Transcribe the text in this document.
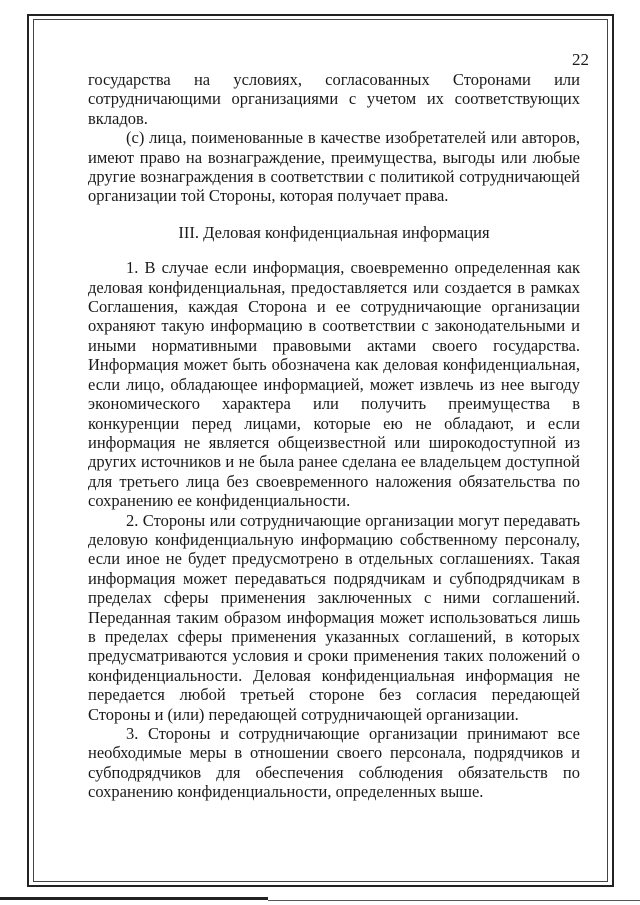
22

государства на условиях, согласованных Сторонами или сотрудничающими организациями с учетом их соответствующих вкладов.

(с) лица, поименованные в качестве изобретателей или авторов, имеют право на вознаграждение, преимущества, выгоды или любые другие вознаграждения в соответствии с политикой сотрудничающей организации той Стороны, которая получает права.

III. Деловая конфиденциальная информация

1. В случае если информация, своевременно определенная как деловая конфиденциальная, предоставляется или создается в рамках Соглашения, каждая Сторона и ее сотрудничающие организации охраняют такую информацию в соответствии с законодательными и иными нормативными правовыми актами своего государства. Информация может быть обозначена как деловая конфиденциальная, если лицо, обладающее информацией, может извлечь из нее выгоду экономического характера или получить преимущества в конкуренции перед лицами, которые ею не обладают, и если информация не является общеизвестной или широкодоступной из других источников и не была ранее сделана ее владельцем доступной для третьего лица без своевременного наложения обязательства по сохранению ее конфиденциальности.

2. Стороны или сотрудничающие организации могут передавать деловую конфиденциальную информацию собственному персоналу, если иное не будет предусмотрено в отдельных соглашениях. Такая информация может передаваться подрядчикам и субподрядчикам в пределах сферы применения заключенных с ними соглашений. Переданная таким образом информация может использоваться лишь в пределах сферы применения указанных соглашений, в которых предусматриваются условия и сроки применения таких положений о конфиденциальности. Деловая конфиденциальная информация не передается любой третьей стороне без согласия передающей Стороны и (или) передающей сотрудничающей организации.

3. Стороны и сотрудничающие организации принимают все необходимые меры в отношении своего персонала, подрядчиков и субподрядчиков для обеспечения соблюдения обязательств по сохранению конфиденциальности, определенных выше.
